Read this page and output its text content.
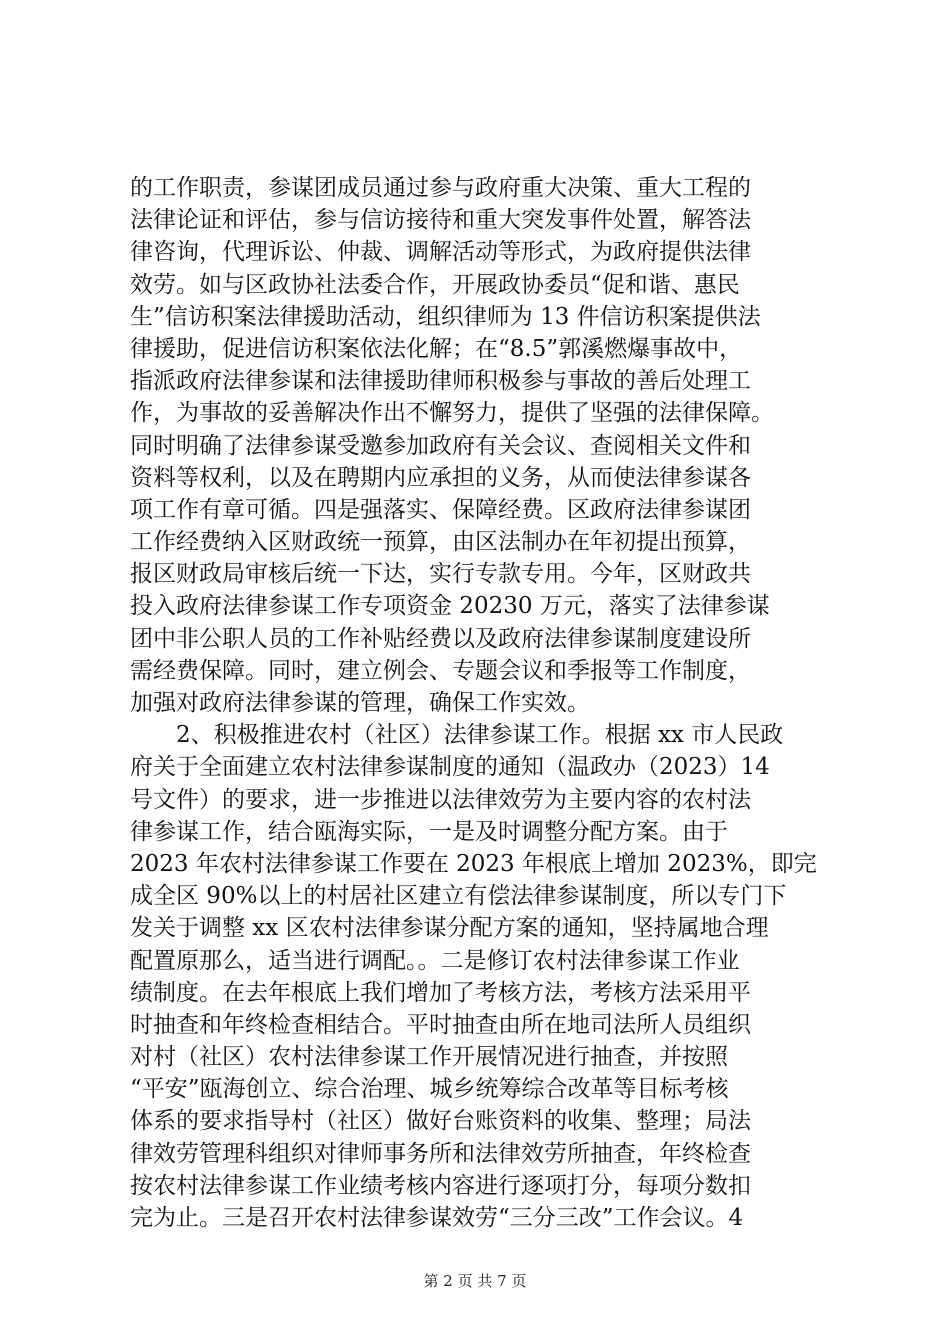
的工作职责，参谋团成员通过参与政府重大决策、重大工程的
法律论证和评估，参与信访接待和重大突发事件处置，解答法
律咨询，代理诉讼、仲裁、调解活动等形式，为政府提供法律
效劳。如与区政协社法委合作，开展政协委员“促和谐、惠民
生”信访积案法律援助活动，组织律师为 13 件信访积案提供法
律援助，促进信访积案依法化解；在“8.5”郭溪燃爆事故中，
指派政府法律参谋和法律援助律师积极参与事故的善后处理工
作，为事故的妥善解决作出不懈努力，提供了坚强的法律保障。
同时明确了法律参谋受邀参加政府有关会议、查阅相关文件和
资料等权利，以及在聘期内应承担的义务，从而使法律参谋各
项工作有章可循。四是强落实、保障经费。区政府法律参谋团
工作经费纳入区财政统一预算，由区法制办在年初提出预算，
报区财政局审核后统一下达，实行专款专用。今年，区财政共
投入政府法律参谋工作专项资金 20230 万元，落实了法律参谋
团中非公职人员的工作补贴经费以及政府法律参谋制度建设所
需经费保障。同时，建立例会、专题会议和季报等工作制度，
加强对政府法律参谋的管理，确保工作实效。
　　2、积极推进农村（社区）法律参谋工作。根据 xx 市人民政
府关于全面建立农村法律参谋制度的通知（温政办（2023）14
号文件）的要求，进一步推进以法律效劳为主要内容的农村法
律参谋工作，结合瓯海实际，一是及时调整分配方案。由于
2023 年农村法律参谋工作要在 2023 年根底上增加 2023%，即完
成全区 90%以上的村居社区建立有偿法律参谋制度，所以专门下
发关于调整 xx 区农村法律参谋分配方案的通知，坚持属地合理
配置原那么，适当进行调配。。二是修订农村法律参谋工作业
绩制度。在去年根底上我们增加了考核方法，考核方法采用平
时抽查和年终检查相结合。平时抽查由所在地司法所人员组织
对村（社区）农村法律参谋工作开展情况进行抽查，并按照
“平安”瓯海创立、综合治理、城乡统筹综合改革等目标考核
体系的要求指导村（社区）做好台账资料的收集、整理；局法
律效劳管理科组织对律师事务所和法律效劳所抽查，年终检查
按农村法律参谋工作业绩考核内容进行逐项打分，每项分数扣
完为止。三是召开农村法律参谋效劳“三分三改”工作会议。4
第 2 页 共 7 页
